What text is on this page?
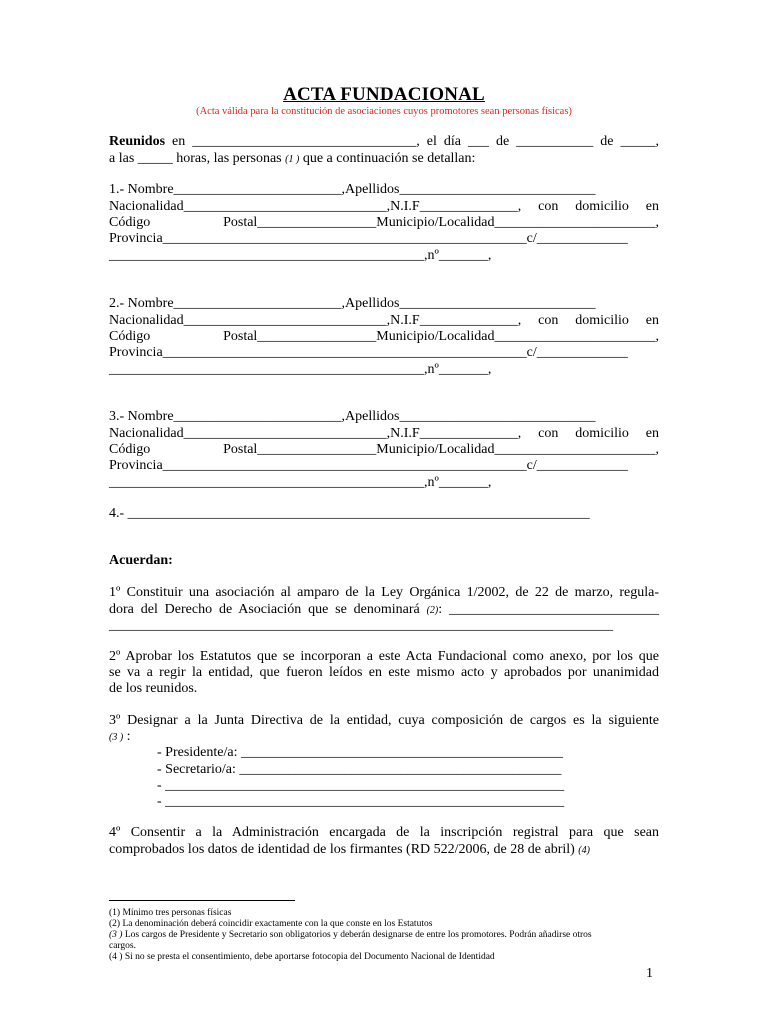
ACTA FUNDACIONAL
(Acta válida para la constitución de asociaciones cuyos promotores sean personas físicas)
Reunidos en ________________________________, el día ___ de ___________ de _____,
a las _____ horas, las personas (1 ) que a continuación se detallan:
1.- Nombre________________________,Apellidos____________________________
Nacionalidad_____________________________,N.I.F______________, con domicilio en
Código	Postal_________________Municipio/Localidad_______________________,
Provincia____________________________________________________c/_____________
_____________________________________________,nº_______,
2.- Nombre________________________,Apellidos____________________________
Nacionalidad_____________________________,N.I.F______________, con domicilio en
Código	Postal_________________Municipio/Localidad_______________________,
Provincia____________________________________________________c/_____________
_____________________________________________,nº_______,
3.- Nombre________________________,Apellidos____________________________
Nacionalidad_____________________________,N.I.F______________, con domicilio en
Código	Postal_________________Municipio/Localidad_______________________,
Provincia____________________________________________________c/_____________
_____________________________________________,nº_______,
4.- __________________________________________________________________
Acuerdan:
1º Constituir una asociación al amparo de la Ley Orgánica 1/2002, de 22 de marzo, regula-
dora del Derecho de Asociación que se denominará (2): ______________________________
________________________________________________________________________
2º Aprobar los Estatutos que se incorporan a este Acta Fundacional como anexo, por los que
se va a regir la entidad, que fueron leídos en este mismo acto y aprobados por unanimidad
de los reunidos.
3º Designar a la Junta Directiva de la entidad, cuya composición de cargos es la siguiente
(3 ) :
- Presidente/a: ______________________________________________
- Secretario/a: ______________________________________________
- _________________________________________________________
- _________________________________________________________
4º Consentir a la Administración encargada de la inscripción registral para que sean
comprobados los datos de identidad de los firmantes (RD 522/2006, de 28 de abril) (4)
(1) Mínimo tres personas físicas
(2) La denominación deberá coincidir exactamente con la que conste en los Estatutos
(3 ) Los cargos de Presidente y Secretario son obligatorios y deberán designarse de entre los promotores. Podrán añadirse otros
cargos.
(4 ) Si no se presta el consentimiento, debe aportarse fotocopia del Documento Nacional de Identidad
1
